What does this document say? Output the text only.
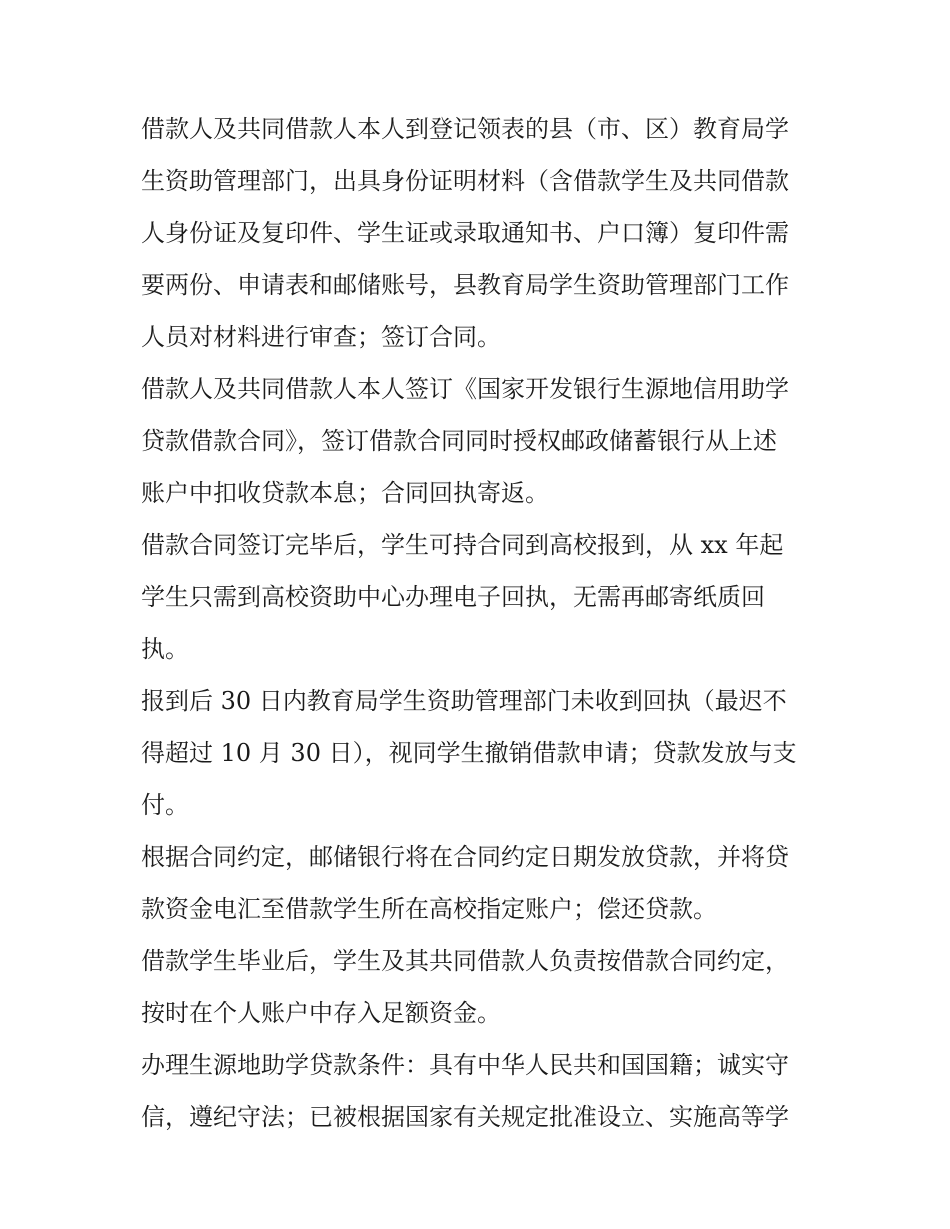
借款人及共同借款人本人到登记领表的县（市、区）教育局学
生资助管理部门，出具身份证明材料（含借款学生及共同借款
人身份证及复印件、学生证或录取通知书、户口簿）复印件需
要两份、申请表和邮储账号，县教育局学生资助管理部门工作
人员对材料进行审查；签订合同。
借款人及共同借款人本人签订《国家开发银行生源地信用助学
贷款借款合同》，签订借款合同同时授权邮政储蓄银行从上述
账户中扣收贷款本息；合同回执寄返。
借款合同签订完毕后，学生可持合同到高校报到，从 xx 年起
学生只需到高校资助中心办理电子回执，无需再邮寄纸质回
执。
报到后 30 日内教育局学生资助管理部门未收到回执（最迟不
得超过 10 月 30 日），视同学生撤销借款申请；贷款发放与支
付。
根据合同约定，邮储银行将在合同约定日期发放贷款，并将贷
款资金电汇至借款学生所在高校指定账户；偿还贷款。
借款学生毕业后，学生及其共同借款人负责按借款合同约定，
按时在个人账户中存入足额资金。
办理生源地助学贷款条件：具有中华人民共和国国籍；诚实守
信，遵纪守法；已被根据国家有关规定批准设立、实施高等学
